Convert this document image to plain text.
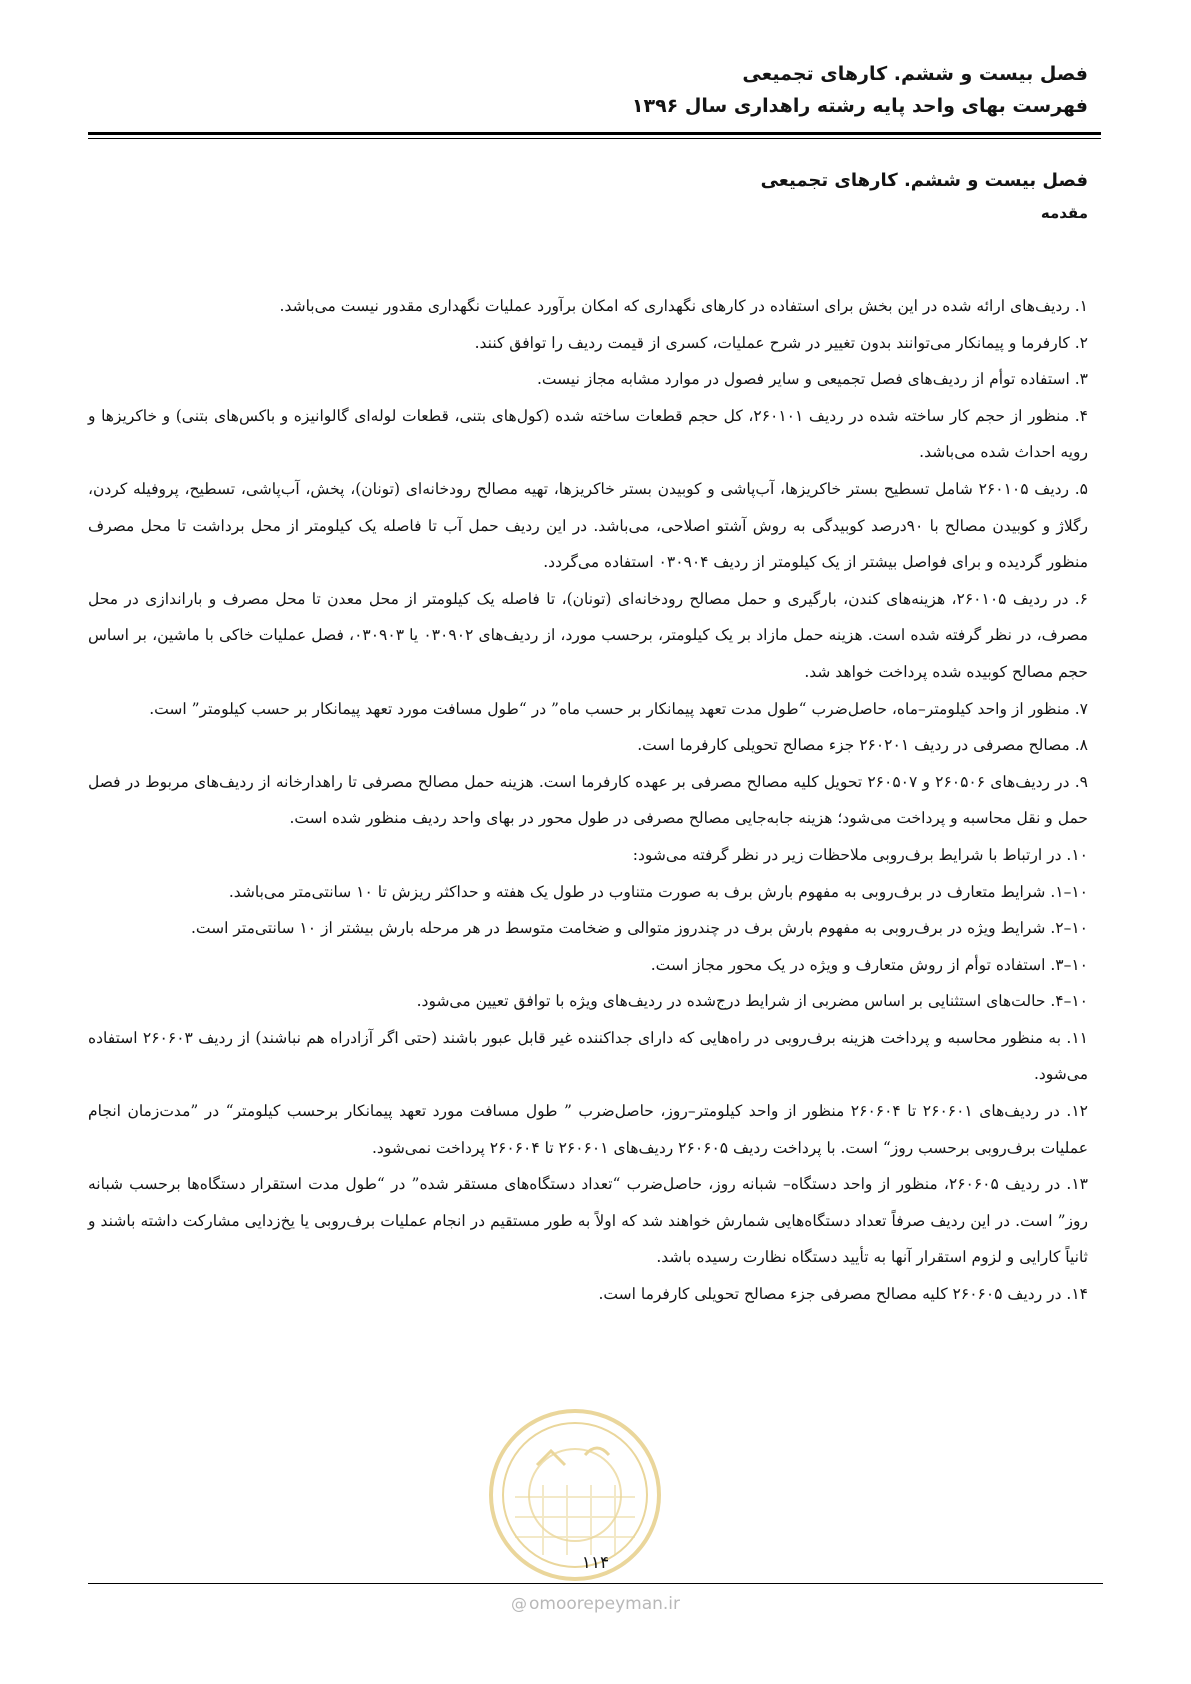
فصل بیست و ششم. کارهای تجمیعی
فهرست بهای واحد پایه رشته راهداری سال ۱۳۹۶
فصل بیست و ششم. کارهای تجمیعی
مقدمه

۱. ردیف‌های ارائه شده در این بخش برای استفاده در کارهای نگهداری که امکان برآورد عملیات نگهداری مقدور نیست می‌باشد.

۲. کارفرما و پیمانکار می‌توانند بدون تغییر در شرح عملیات، کسری از قیمت ردیف را توافق کنند.

۳. استفاده توأم از ردیف‌های فصل تجمیعی و سایر فصول در موارد مشابه مجاز نیست.

۴. منظور از حجم کار ساخته شده در ردیف ۲۶۰۱۰۱، کل حجم قطعات ساخته شده (کول‌های بتنی، قطعات لوله‌ای گالوانیزه و باکس‌های بتنی) و خاکریزها و رویه احداث شده می‌باشد.

۵. ردیف ۲۶۰۱۰۵ شامل تسطیح بستر خاکریزها، آب‌پاشی و کوبیدن بستر خاکریزها، تهیه مصالح رودخانه‌ای (تونان)، پخش، آب‌پاشی، تسطیح، پروفیله کردن، رگلاژ و کوبیدن مصالح با ۹۰درصد کوبیدگی به روش آشتو اصلاحی، می‌باشد. در این ردیف حمل آب تا فاصله یک کیلومتر از محل برداشت تا محل مصرف منظور گردیده و برای فواصل بیشتر از یک کیلومتر از ردیف ۰۳۰۹۰۴ استفاده می‌گردد.

۶. در ردیف ۲۶۰۱۰۵، هزینه‌های کندن، بارگیری و حمل مصالح رودخانه‌ای (تونان)، تا فاصله یک کیلومتر از محل معدن تا محل مصرف و باراندازی در محل مصرف، در نظر گرفته شده است. هزینه حمل مازاد بر یک کیلومتر، برحسب مورد، از ردیف‌های ۰۳۰۹۰۲ یا ۰۳۰۹۰۳، فصل عملیات خاکی با ماشین، بر اساس حجم مصالح کوبیده شده پرداخت خواهد شد.

۷. منظور از واحد کیلومتر–ماه، حاصل‌ضرب “طول مدت تعهد پیمانکار بر حسب ماه” در “طول مسافت مورد تعهد پیمانکار بر حسب کیلومتر” است.

۸. مصالح مصرفی در ردیف ۲۶۰۲۰۱ جزء مصالح تحویلی کارفرما است.

۹. در ردیف‌های ۲۶۰۵۰۶ و ۲۶۰۵۰۷ تحویل کلیه مصالح مصرفی بر عهده کارفرما است. هزینه حمل مصالح مصرفی تا راهدارخانه از ردیف‌های مربوط در فصل حمل و نقل محاسبه و پرداخت می‌شود؛ هزینه جابه‌جایی مصالح مصرفی در طول محور در بهای واحد ردیف منظور شده است.

۱۰. در ارتباط با شرایط برف‌روبی ملاحظات زیر در نظر گرفته می‌شود:

۱۰–۱. شرایط متعارف در برف‌روبی به مفهوم بارش برف به صورت متناوب در طول یک هفته و حداکثر ریزش تا ۱۰ سانتی‌متر می‌باشد.

۱۰–۲. شرایط ویژه در برف‌روبی به مفهوم بارش برف در چندروز متوالی و ضخامت متوسط در هر مرحله بارش بیشتر از ۱۰ سانتی‌متر است.

۱۰–۳. استفاده توأم از روش متعارف و ویژه در یک محور مجاز است.

۱۰–۴. حالت‌های استثنایی بر اساس مضربی از شرایط درج‌شده در ردیف‌های ویژه با توافق تعیین می‌شود.

۱۱. به منظور محاسبه و پرداخت هزینه برف‌روبی در راه‌هایی که دارای جداکننده غیر قابل عبور باشند (حتی اگر آزادراه هم نباشند) از ردیف ۲۶۰۶۰۳ استفاده می‌شود.

۱۲. در ردیف‌های ۲۶۰۶۰۱ تا ۲۶۰۶۰۴ منظور از واحد کیلومتر–روز، حاصل‌ضرب ” طول مسافت مورد تعهد پیمانکار برحسب کیلومتر“ در ”مدت‌زمان انجام عملیات برف‌روبی برحسب روز“ است. با پرداخت ردیف ۲۶۰۶۰۵ ردیف‌های ۲۶۰۶۰۱ تا ۲۶۰۶۰۴ پرداخت نمی‌شود.

۱۳. در ردیف ۲۶۰۶۰۵، منظور از واحد دستگاه– شبانه روز، حاصل‌ضرب “تعداد دستگاه‌های مستقر شده” در “طول مدت استقرار دستگاه‌ها برحسب شبانه روز” است. در این ردیف صرفاً تعداد دستگاه‌هایی شمارش خواهند شد که اولاً به طور مستقیم در انجام عملیات برف‌روبی یا یخ‌زدایی مشارکت داشته باشند و ثانیاً کارایی و لزوم استقرار آنها به تأیید دستگاه نظارت رسیده باشد.

۱۴. در ردیف ۲۶۰۶۰۵ کلیه مصالح مصرفی جزء مصالح تحویلی کارفرما است.

۱۱۴
@ omoorepeyman.ir
